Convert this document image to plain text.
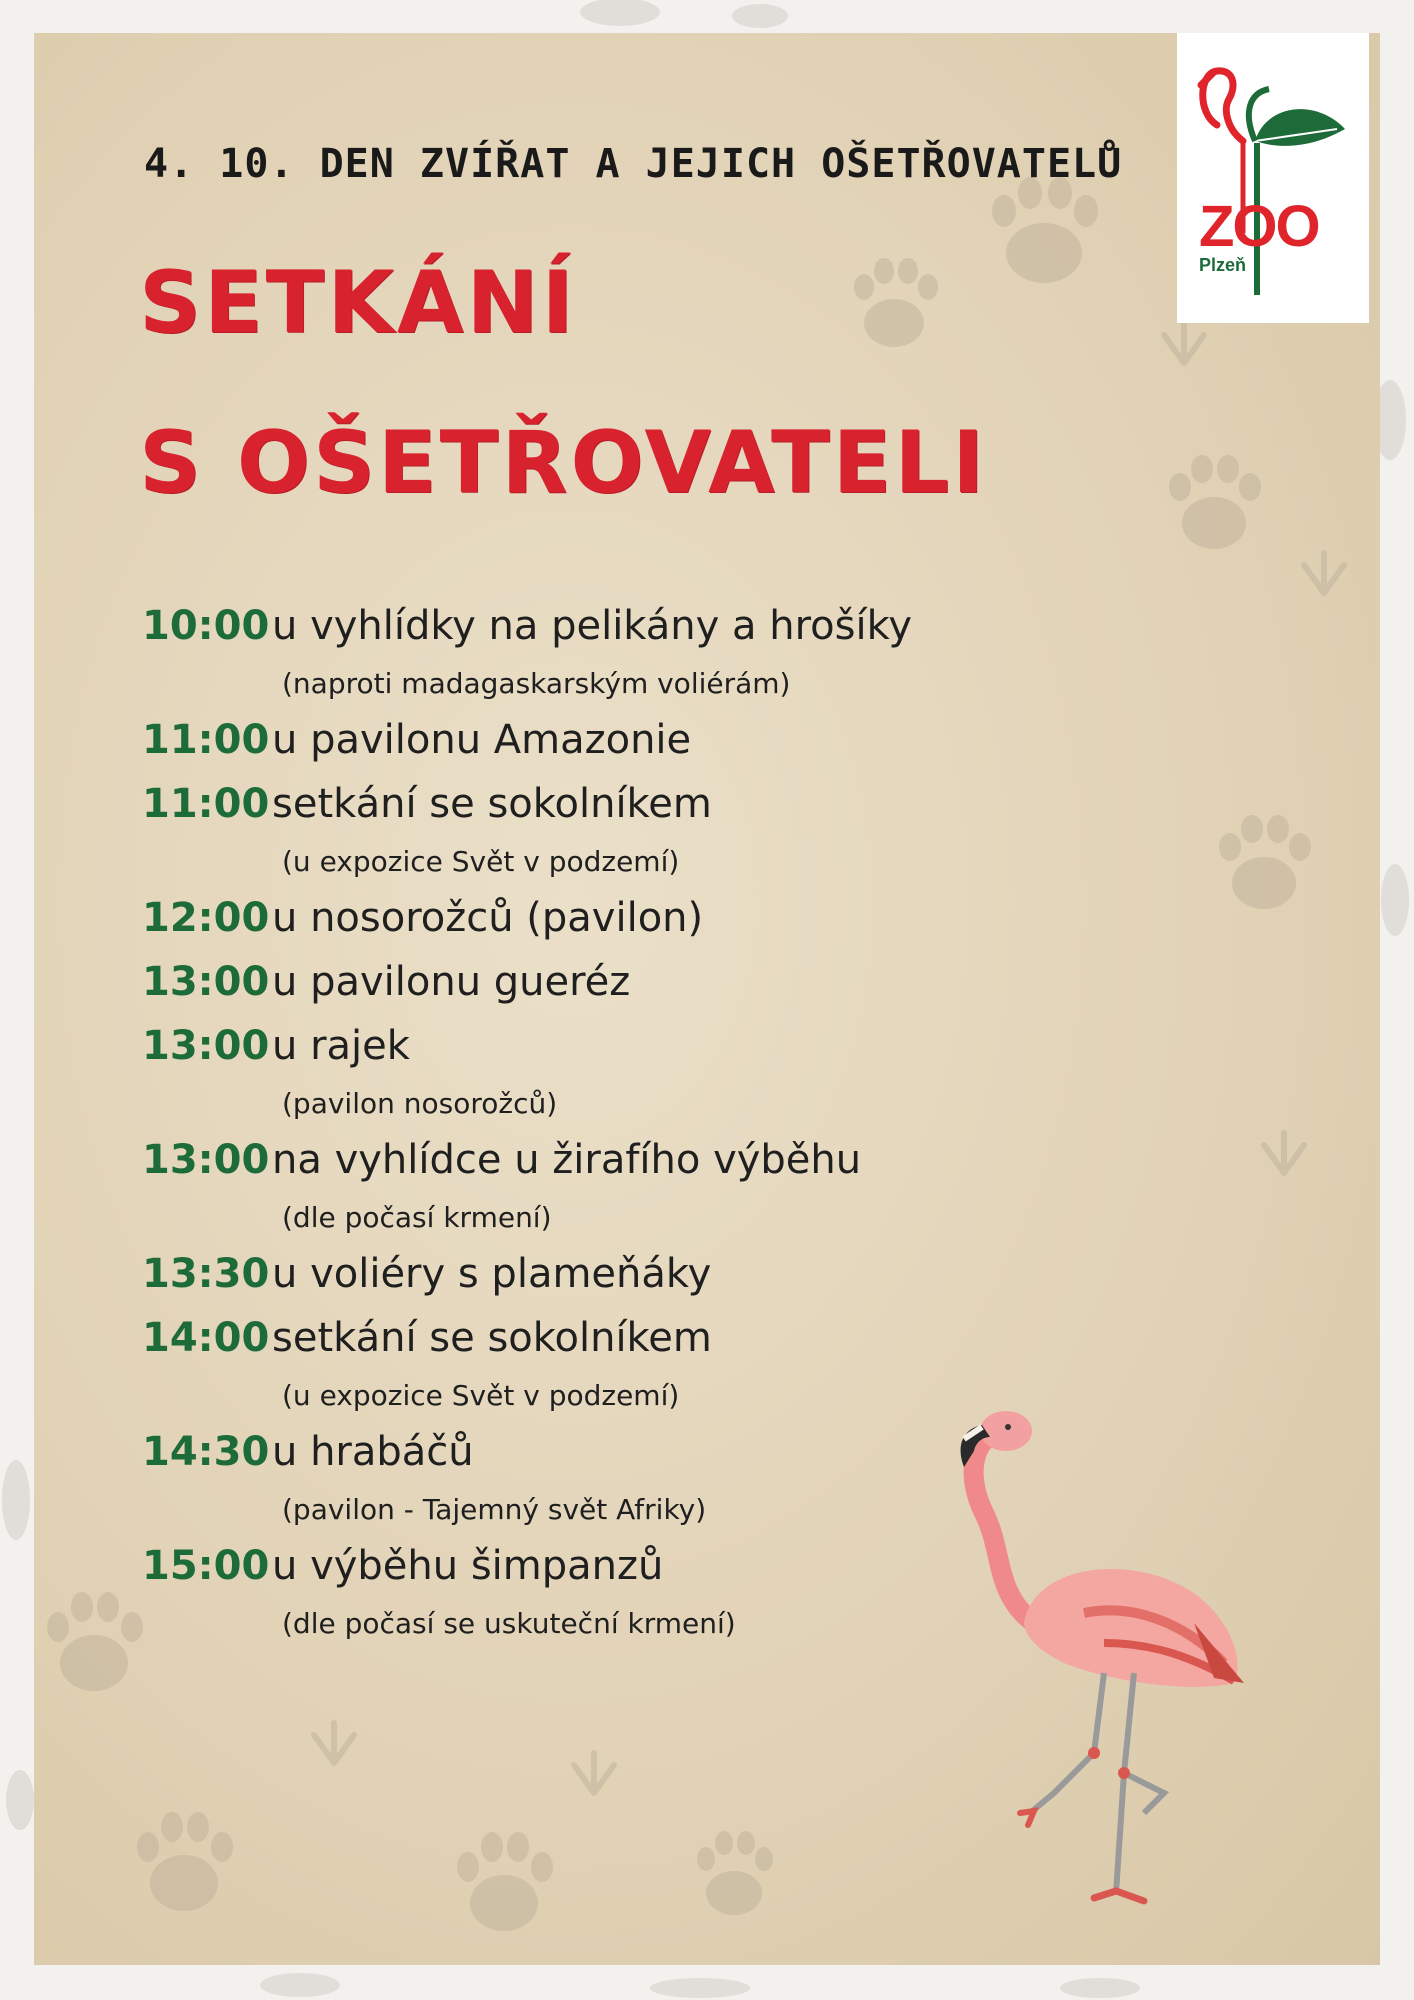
ZOO
Plzeň
4. 10. DEN ZVÍŘAT A JEJICH OŠETŘOVATELŮ
SETKÁNÍ
S OŠETŘOVATELI
10:00 u vyhlídky na pelikány a hrošíky
(naproti madagaskarským voliérám)
11:00 u pavilonu Amazonie
11:00 setkání se sokolníkem
(u expozice Svět v podzemí)
12:00 u nosorožců (pavilon)
13:00 u pavilonu gueréz
13:00 u rajek
(pavilon nosorožců)
13:00 na vyhlídce u žirafího výběhu
(dle počasí krmení)
13:30 u voliéry s plameňáky
14:00 setkání se sokolníkem
(u expozice Svět v podzemí)
14:30 u hrabáčů
(pavilon - Tajemný svět Afriky)
15:00 u výběhu šimpanzů
(dle počasí se uskuteční krmení)
